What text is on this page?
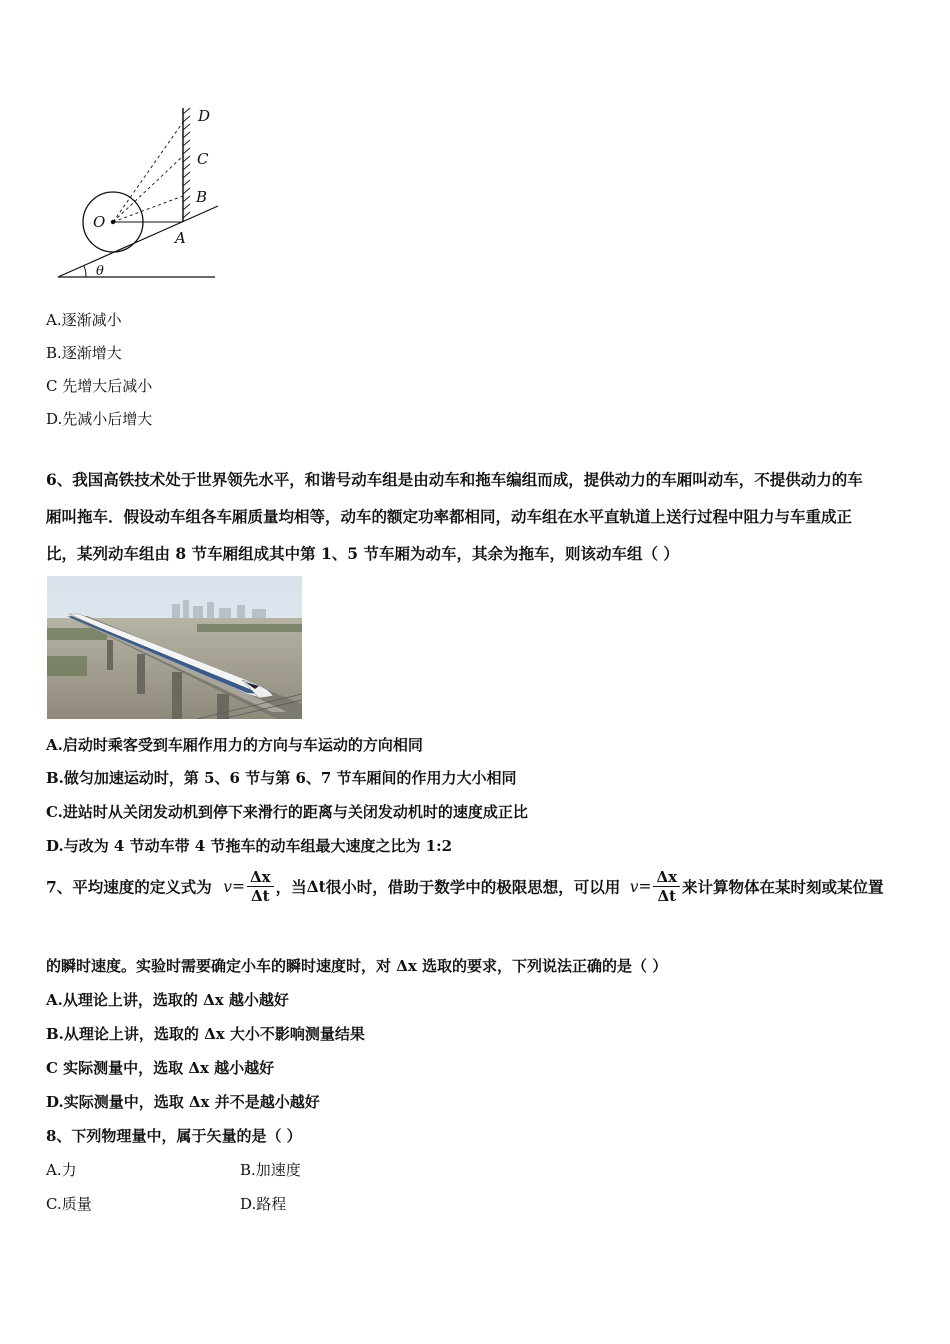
D
C
B
A
O
θ
A.逐渐减小
B.逐渐增大
C 先增大后减小
D.先减小后增大
6、我国高铁技术处于世界领先水平，和谐号动车组是由动车和拖车编组而成，提供动力的车厢叫动车，不提供动力的车
厢叫拖车．假设动车组各车厢质量均相等，动车的额定功率都相同，动车组在水平直轨道上送行过程中阻力与车重成正
比，某列动车组由 8 节车厢组成其中第 1、5 节车厢为动车，其余为拖车，则该动车组（ ）
A.启动时乘客受到车厢作用力的方向与车运动的方向相同
B.做匀加速运动时，第 5、6 节与第 6、7 节车厢间的作用力大小相同
C.进站时从关闭发动机到停下来滑行的距离与关闭发动机时的速度成正比
D.与改为 4 节动车带 4 节拖车的动车组最大速度之比为 1:2
7、平均速度的定义式为 $v= \frac{\Delta x}{\Delta t}$ ，当Δt很小时，借助于数学中的极限思想，可以用 $v= \frac{\Delta x}{\Delta t}$ 来计算物体在某时刻或某位置
的瞬时速度。实验时需要确定小车的瞬时速度时，对 Δx 选取的要求，下列说法正确的是（ ）
A.从理论上讲，选取的 Δx 越小越好
B.从理论上讲，选取的 Δx 大小不影响测量结果
C 实际测量中，选取 Δx 越小越好
D.实际测量中，选取 Δx 并不是越小越好
8、下列物理量中，属于矢量的是（ ）
A.力	B.加速度
C.质量	D.路程
